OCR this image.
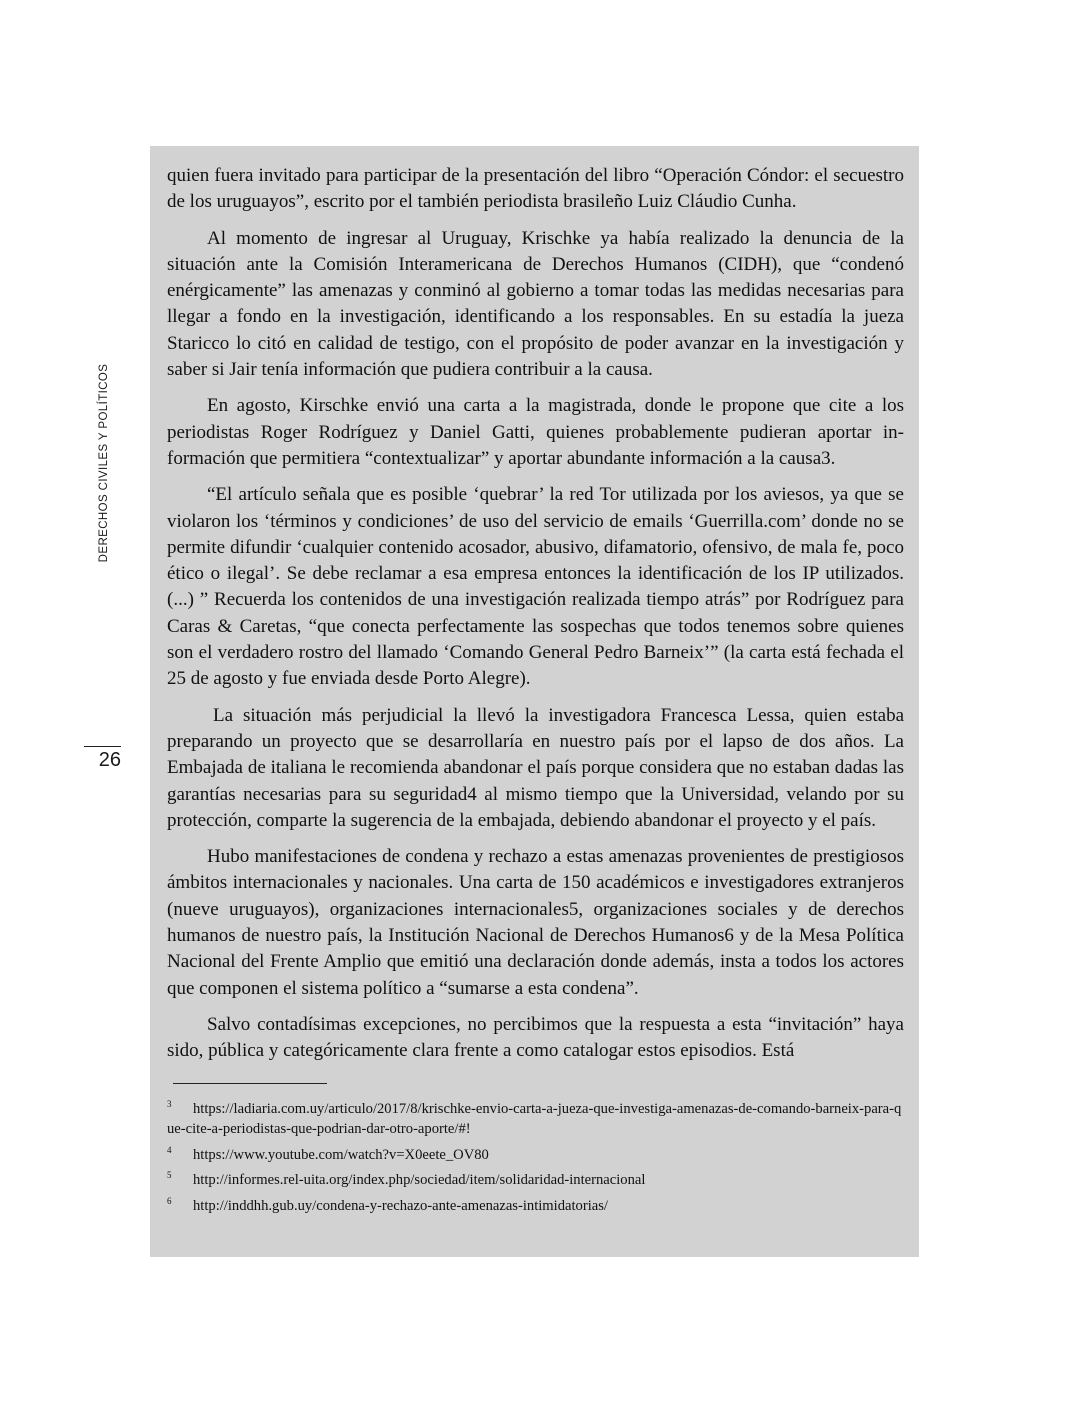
DERECHOS CIVILES Y POLÍTICOS
26

quien fuera invitado para participar de la presentación del libro “Operación Cóndor: el secuestro de los uruguayos”, escrito por el también periodista brasileño Luiz Cláudio Cunha.

Al momento de ingresar al Uruguay, Krischke ya había realizado la denuncia de la situación ante la Comisión Interamericana de Derechos Humanos (CIDH), que “condenó enérgicamente” las amenazas y conminó al gobierno a tomar todas las medidas necesarias para llegar a fondo en la investigación, identificando a los responsables. En su estadía la jueza Staricco lo citó en calidad de testigo, con el propósito de poder avanzar en la investigación y saber si Jair tenía información que pudiera contribuir a la causa.

En agosto, Kirschke envió una carta a la magistrada, donde le propone que cite a los periodistas Roger Rodríguez y Daniel Gatti, quienes probablemente pudieran aportar información que permitiera “contextualizar” y aportar abundante información a la causa3.

“El artículo señala que es posible ‘quebrar’ la red Tor utilizada por los aviesos, ya que se violaron los ‘términos y condiciones’ de uso del servicio de emails ‘Guerrilla.com’ donde no se permite difundir ‘cualquier contenido acosador, abusivo, difamatorio, ofensivo, de mala fe, poco ético o ilegal’. Se debe reclamar a esa empresa entonces la identificación de los IP utilizados. (...) ” Recuerda los contenidos de una investigación realizada tiempo atrás” por Rodríguez para Caras & Caretas, “que conecta perfectamente las sospechas que todos tenemos sobre quienes son el verdadero rostro del llamado ‘Comando General Pedro Barneix’” (la carta está fechada el 25 de agosto y fue enviada desde Porto Alegre).

La situación más perjudicial la llevó la investigadora Francesca Lessa, quien estaba preparando un proyecto que se desarrollaría en nuestro país por el lapso de dos años. La Embajada de italiana le recomienda abandonar el país porque considera que no estaban dadas las garantías necesarias para su seguridad4 al mismo tiempo que la Universidad, velando por su protección, comparte la sugerencia de la embajada, debiendo abandonar el proyecto y el país.

Hubo manifestaciones de condena y rechazo a estas amenazas provenientes de prestigiosos ámbitos internacionales y nacionales. Una carta de 150 académicos e investigadores extranjeros (nueve uruguayos), organizaciones internacionales5, organizaciones sociales y de derechos humanos de nuestro país, la Institución Nacional de Derechos Humanos6 y de la Mesa Política Nacional del Frente Amplio que emitió una declaración donde además, insta a todos los actores que componen el sistema político a “sumarse a esta condena”.

Salvo contadísimas excepciones, no percibimos que la respuesta a esta “invitación” haya sido, pública y categóricamente clara frente a como catalogar estos episodios. Está

$^3$ https://ladiaria.com.uy/articulo/2017/8/krischke-envio-carta-a-jueza-que-investiga-amenazas-de-comando-barneix-para-que-cite-a-periodistas-que-podrian-dar-otro-aporte/#!

$^4$ https://www.youtube.com/watch?v=X0eete_OV80

$^5$ http://informes.rel-uita.org/index.php/sociedad/item/solidaridad-internacional

$^6$ http://inddhh.gub.uy/condena-y-rechazo-ante-amenazas-intimidatorias/
